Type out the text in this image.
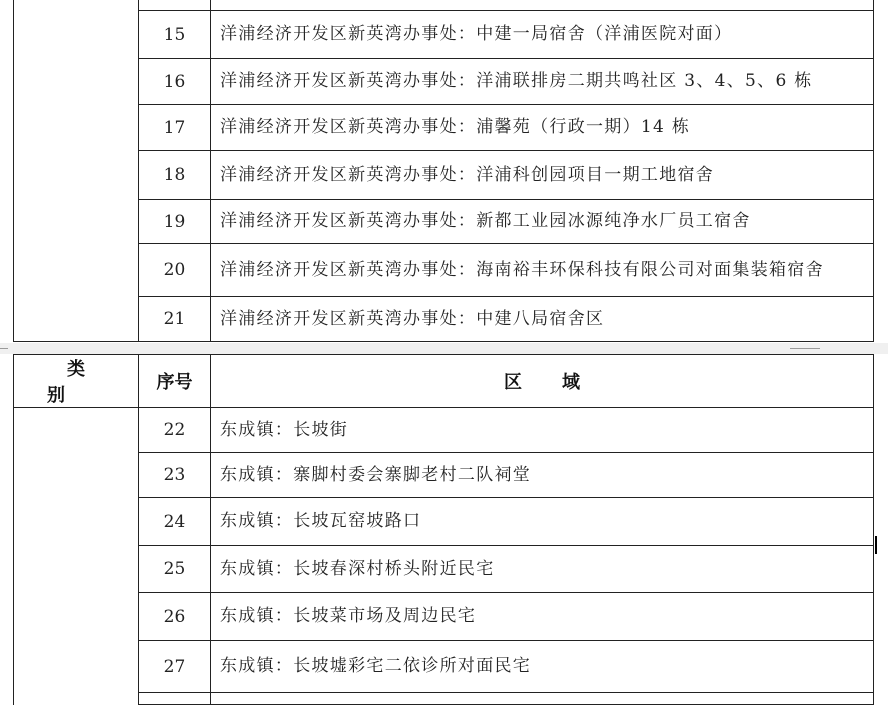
	15	洋浦经济开发区新英湾办事处：中建一局宿舍（洋浦医院对面）
	16	洋浦经济开发区新英湾办事处：洋浦联排房二期共鸣社区 3、4、5、6 栋
	17	洋浦经济开发区新英湾办事处：浦馨苑（行政一期）14 栋
	18	洋浦经济开发区新英湾办事处：洋浦科创园项目一期工地宿舍
	19	洋浦经济开发区新英湾办事处：新都工业园冰源纯净水厂员工宿舍
	20	洋浦经济开发区新英湾办事处：海南裕丰环保科技有限公司对面集装箱宿舍
	21	洋浦经济开发区新英湾办事处：中建八局宿舍区
类别	序号	区域
	22	东成镇：长坡街
	23	东成镇：寨脚村委会寨脚老村二队祠堂
	24	东成镇：长坡瓦窑坡路口
	25	东成镇：长坡春深村桥头附近民宅
	26	东成镇：长坡菜市场及周边民宅
	27	东成镇：长坡墟彩宅二依诊所对面民宅
